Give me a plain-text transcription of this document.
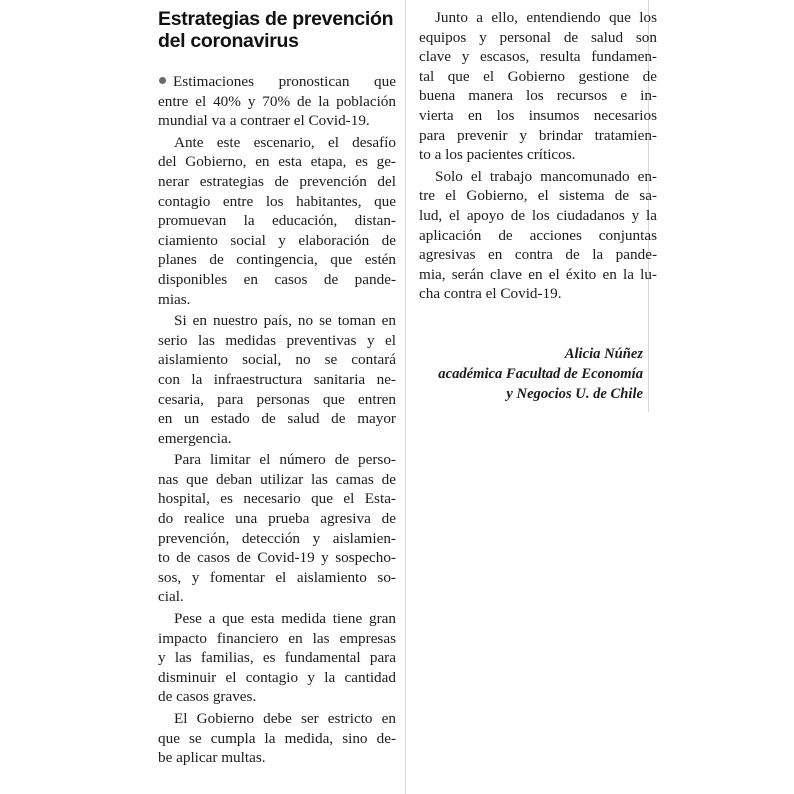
Estrategias de prevención
del coronavirus
Estimaciones pronostican que
entre el 40% y 70% de la población
mundial va a contraer el Covid-19.
Ante este escenario, el desafío
del Gobierno, en esta etapa, es ge-
nerar estrategias de prevención del
contagio entre los habitantes, que
promuevan la educación, distan-
ciamiento social y elaboración de
planes de contingencia, que estén
disponibles en casos de pande-
mias.
Si en nuestro país, no se toman en
serio las medidas preventivas y el
aislamiento social, no se contará
con la infraestructura sanitaria ne-
cesaria, para personas que entren
en un estado de salud de mayor
emergencia.
Para limitar el número de perso-
nas que deban utilizar las camas de
hospital, es necesario que el Esta-
do realice una prueba agresiva de
prevención, detección y aislamien-
to de casos de Covid-19 y sospecho-
sos, y fomentar el aislamiento so-
cial.
Pese a que esta medida tiene gran
impacto financiero en las empresas
y las familias, es fundamental para
disminuir el contagio y la cantidad
de casos graves.
El Gobierno debe ser estricto en
que se cumpla la medida, sino de-
be aplicar multas.
Junto a ello, entendiendo que los
equipos y personal de salud son
clave y escasos, resulta fundamen-
tal que el Gobierno gestione de
buena manera los recursos e in-
vierta en los insumos necesarios
para prevenir y brindar tratamien-
to a los pacientes críticos.
Solo el trabajo mancomunado en-
tre el Gobierno, el sistema de sa-
lud, el apoyo de los ciudadanos y la
aplicación de acciones conjuntas
agresivas en contra de la pande-
mia, serán clave en el éxito en la lu-
cha contra el Covid-19.
Alicia Núñez
académica Facultad de Economía
y Negocios U. de Chile
